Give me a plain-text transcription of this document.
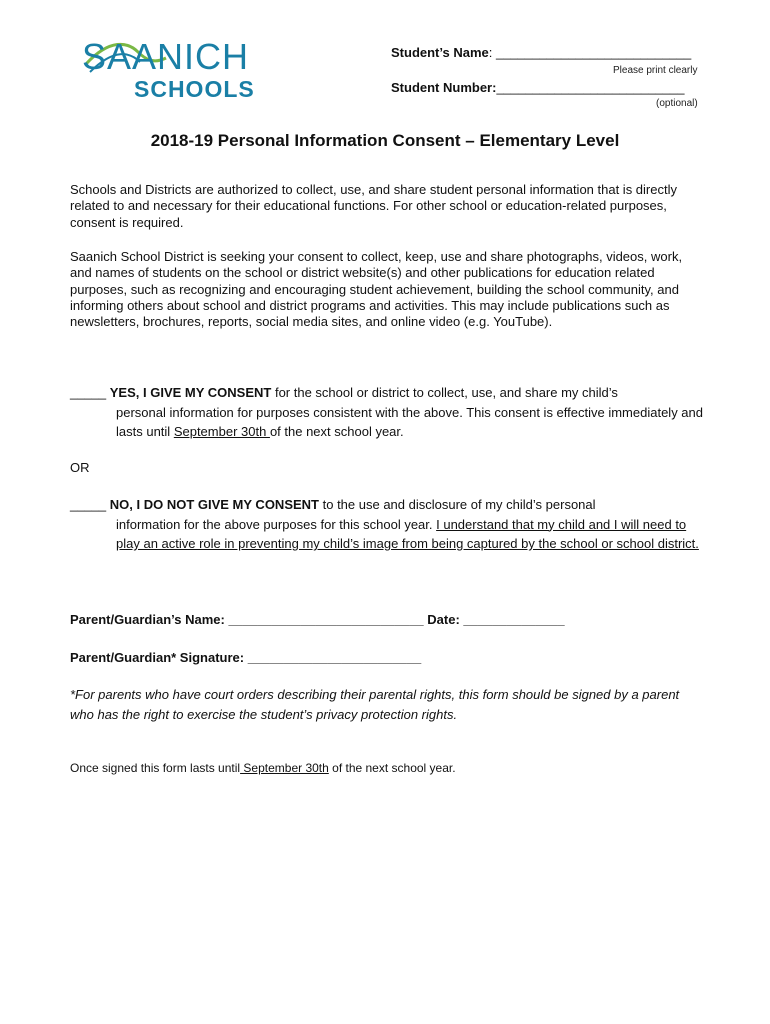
SAANICH
SCHOOLS
Student’s Name: ___________________________
Please print clearly
Student Number:__________________________
(optional)
2018-19 Personal Information Consent – Elementary Level
Schools and Districts are authorized to collect, use, and share student personal information that is directly related to and necessary for their educational functions. For other school or education-related purposes, consent is required.
Saanich School District is seeking your consent to collect, keep, use and share photographs, videos, work, and names of students on the school or district website(s) and other publications for education related purposes, such as recognizing and encouraging student achievement, building the school community, and informing others about school and district programs and activities. This may include publications such as newsletters, brochures, reports, social media sites, and online video (e.g. YouTube).
_____ YES, I GIVE MY CONSENT for the school or district to collect, use, and share my child’s
personal information for purposes consistent with the above. This consent is effective immediately and lasts until September 30th of the next school year.
OR
_____ NO, I DO NOT GIVE MY CONSENT to the use and disclosure of my child’s personal
information for the above purposes for this school year. I understand that my child and I will need to play an active role in preventing my child’s image from being captured by the school or school district.
Parent/Guardian’s Name: ___________________________ Date: ______________
Parent/Guardian* Signature: ________________________
*For parents who have court orders describing their parental rights, this form should be signed by a parent who has the right to exercise the student’s privacy protection rights.
Once signed this form lasts until September 30th of the next school year.
